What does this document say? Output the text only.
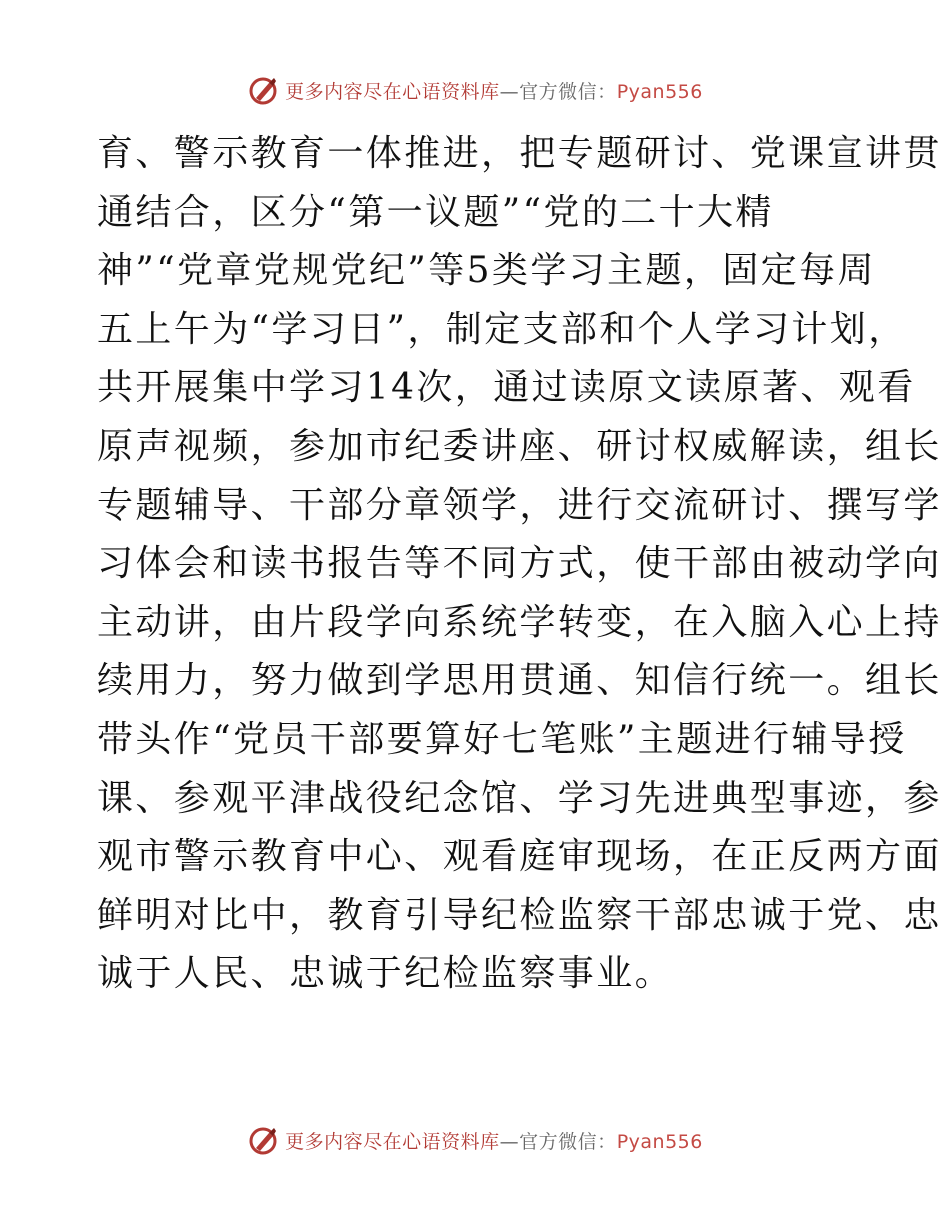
更多内容尽在心语资料库—官方微信：Pyan556
育、警示教育一体推进，把专题研讨、党课宣讲贯
通结合，区分“第一议题”“党的二十大精
神”“党章党规党纪”等5类学习主题，固定每周
五上午为“学习日”，制定支部和个人学习计划，
共开展集中学习14次，通过读原文读原著、观看
原声视频，参加市纪委讲座、研讨权威解读，组长
专题辅导、干部分章领学，进行交流研讨、撰写学
习体会和读书报告等不同方式，使干部由被动学向
主动讲，由片段学向系统学转变，在入脑入心上持
续用力，努力做到学思用贯通、知信行统一。组长
带头作“党员干部要算好七笔账”主题进行辅导授
课、参观平津战役纪念馆、学习先进典型事迹，参
观市警示教育中心、观看庭审现场，在正反两方面
鲜明对比中，教育引导纪检监察干部忠诚于党、忠
诚于人民、忠诚于纪检监察事业。
更多内容尽在心语资料库—官方微信：Pyan556
